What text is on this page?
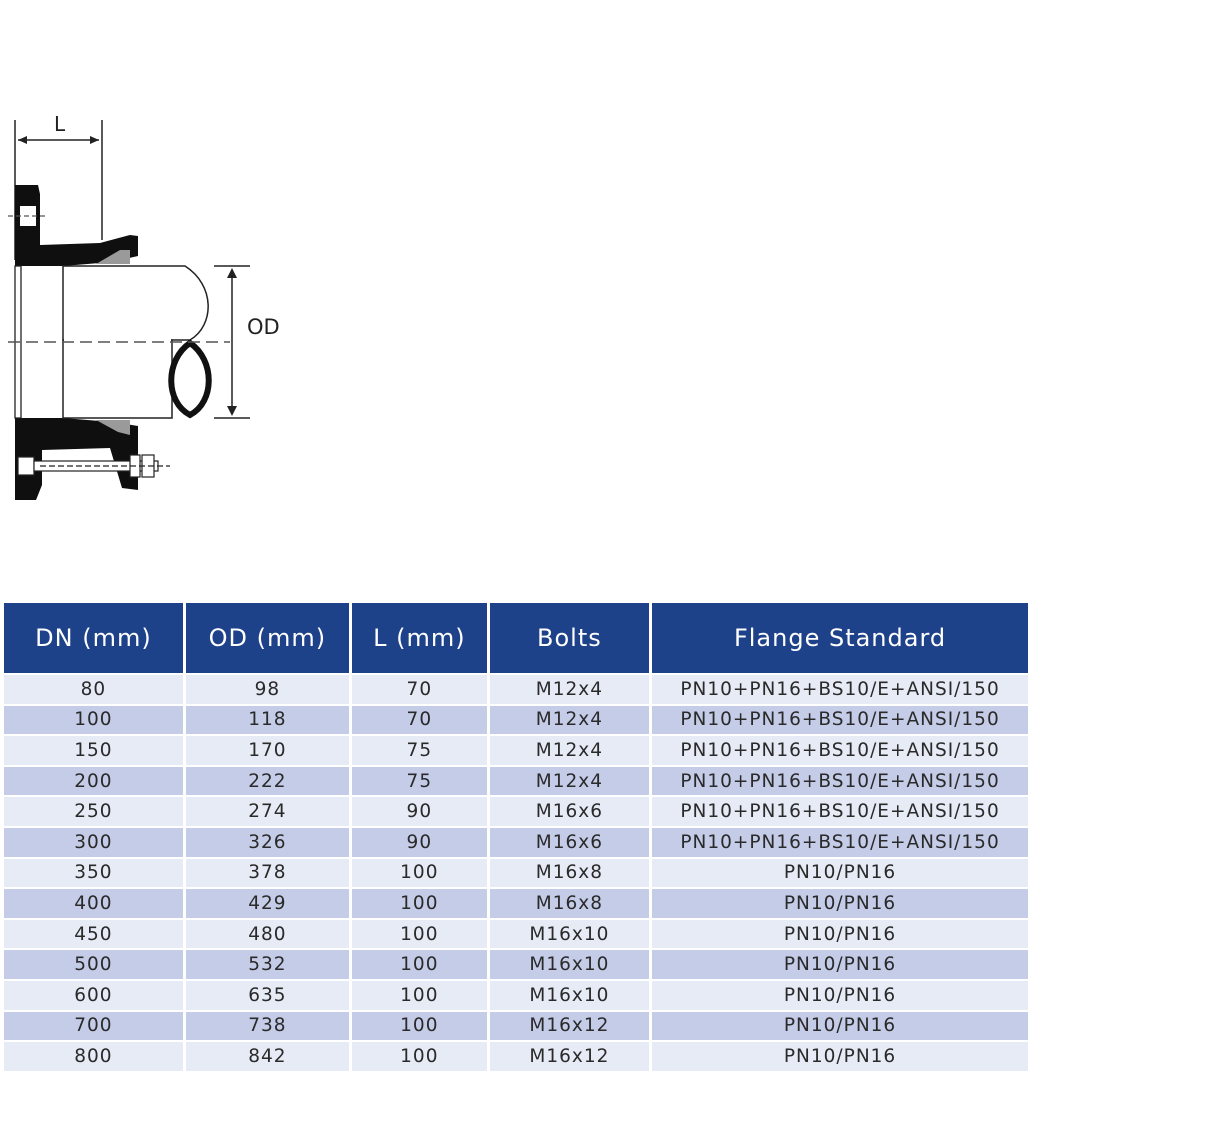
L
OD
DN (mm)	OD (mm)	L (mm)	Bolts	Flange Standard
80	98	70	M12x4	PN10+PN16+BS10/E+ANSI/150
100	118	70	M12x4	PN10+PN16+BS10/E+ANSI/150
150	170	75	M12x4	PN10+PN16+BS10/E+ANSI/150
200	222	75	M12x4	PN10+PN16+BS10/E+ANSI/150
250	274	90	M16x6	PN10+PN16+BS10/E+ANSI/150
300	326	90	M16x6	PN10+PN16+BS10/E+ANSI/150
350	378	100	M16x8	PN10/PN16
400	429	100	M16x8	PN10/PN16
450	480	100	M16x10	PN10/PN16
500	532	100	M16x10	PN10/PN16
600	635	100	M16x10	PN10/PN16
700	738	100	M16x12	PN10/PN16
800	842	100	M16x12	PN10/PN16
